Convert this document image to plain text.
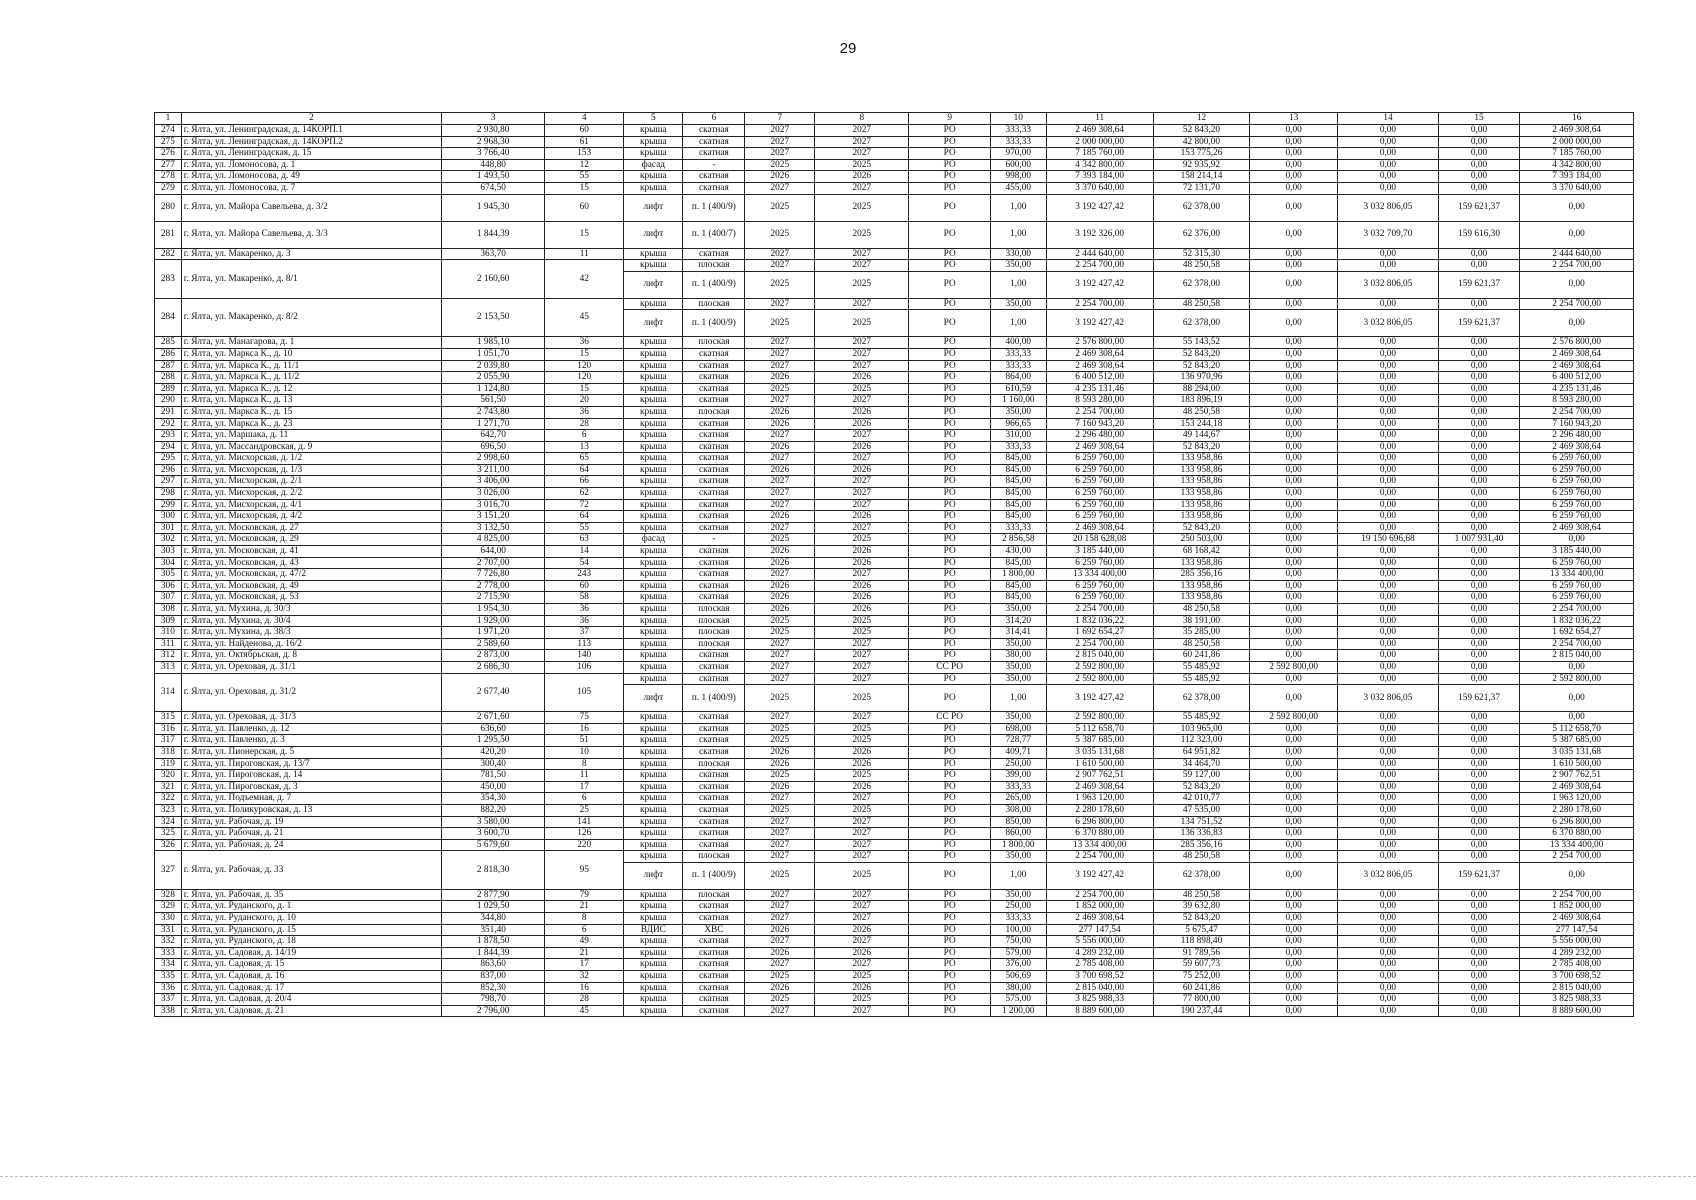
29
1	2	3	4	5	6	7	8	9	10	11	12	13	14	15	16
274	г. Ялта, ул. Ленинградская, д. 14КОРП.1	2 930,80	60	крыша	скатная	2027	2027	РО	333,33	2 469 308,64	52 843,20	0,00	0,00	0,00	2 469 308,64
275	г. Ялта, ул. Ленинградская, д. 14КОРП.2	2 968,30	61	крыша	скатная	2027	2027	РО	333,33	2 000 000,00	42 800,00	0,00	0,00	0,00	2 000 000,00
276	г. Ялта, ул. Ленинградская, д. 15	3 766,40	153	крыша	скатная	2027	2027	РО	970,00	7 185 760,00	153 775,26	0,00	0,00	0,00	7 185 760,00
277	г. Ялта, ул. Ломоносова, д. 1	448,80	12	фасад	-	2025	2025	РО	600,00	4 342 800,00	92 935,92	0,00	0,00	0,00	4 342 800,00
278	г. Ялта, ул. Ломоносова, д. 49	1 493,50	55	крыша	скатная	2026	2026	РО	998,00	7 393 184,00	158 214,14	0,00	0,00	0,00	7 393 184,00
279	г. Ялта, ул. Ломоносова, д. 7	674,50	15	крыша	скатная	2027	2027	РО	455,00	3 370 640,00	72 131,70	0,00	0,00	0,00	3 370 640,00
280	г. Ялта, ул. Майора Савельева, д. 3/2	1 945,30	60	лифт	п. 1 (400/9)	2025	2025	РО	1,00	3 192 427,42	62 378,00	0,00	3 032 806,05	159 621,37	0,00
281	г. Ялта, ул. Майора Савельева, д. 3/3	1 844,39	15	лифт	п. 1 (400/7)	2025	2025	РО	1,00	3 192 326,00	62 376,00	0,00	3 032 709,70	159 616,30	0,00
282	г. Ялта, ул. Макаренко, д. 3	363,70	11	крыша	скатная	2027	2027	РО	330,00	2 444 640,00	52 315,30	0,00	0,00	0,00	2 444 640,00
283	г. Ялта, ул. Макаренко, д. 8/1	2 160,60	42	крыша	плоская	2027	2027	РО	350,00	2 254 700,00	48 250,58	0,00	0,00	0,00	2 254 700,00
				лифт	п. 1 (400/9)	2025	2025	РО	1,00	3 192 427,42	62 378,00	0,00	3 032 806,05	159 621,37	0,00
284	г. Ялта, ул. Макаренко, д. 8/2	2 153,50	45	крыша	плоская	2027	2027	РО	350,00	2 254 700,00	48 250,58	0,00	0,00	0,00	2 254 700,00
				лифт	п. 1 (400/9)	2025	2025	РО	1,00	3 192 427,42	62 378,00	0,00	3 032 806,05	159 621,37	0,00
285	г. Ялта, ул. Манагарова, д. 1	1 985,10	36	крыша	плоская	2027	2027	РО	400,00	2 576 800,00	55 143,52	0,00	0,00	0,00	2 576 800,00
286	г. Ялта, ул. Маркса К., д. 10	1 051,70	15	крыша	скатная	2027	2027	РО	333,33	2 469 308,64	52 843,20	0,00	0,00	0,00	2 469 308,64
287	г. Ялта, ул. Маркса К., д. 11/1	2 039,80	120	крыша	скатная	2027	2027	РО	333,33	2 469 308,64	52 843,20	0,00	0,00	0,00	2 469 308,64
288	г. Ялта, ул. Маркса К., д. 11/2	2 055,90	120	крыша	скатная	2026	2026	РО	864,00	6 400 512,00	136 970,96	0,00	0,00	0,00	6 400 512,00
289	г. Ялта, ул. Маркса К., д. 12	1 124,80	15	крыша	скатная	2025	2025	РО	610,59	4 235 131,46	88 294,00	0,00	0,00	0,00	4 235 131,46
290	г. Ялта, ул. Маркса К., д. 13	561,50	20	крыша	скатная	2027	2027	РО	1 160,00	8 593 280,00	183 896,19	0,00	0,00	0,00	8 593 280,00
291	г. Ялта, ул. Маркса К., д. 15	2 743,80	36	крыша	плоская	2026	2026	РО	350,00	2 254 700,00	48 250,58	0,00	0,00	0,00	2 254 700,00
292	г. Ялта, ул. Маркса К., д. 23	1 271,70	28	крыша	скатная	2026	2026	РО	966,65	7 160 943,20	153 244,18	0,00	0,00	0,00	7 160 943,20
293	г. Ялта, ул. Маршака, д. 11	642,70	6	крыша	скатная	2027	2027	РО	310,00	2 296 480,00	49 144,67	0,00	0,00	0,00	2 296 480,00
294	г. Ялта, ул. Массандровская, д. 9	696,50	13	крыша	скатная	2026	2026	РО	333,33	2 469 308,64	52 843,20	0,00	0,00	0,00	2 469 308,64
295	г. Ялта, ул. Мисхорская, д. 1/2	2 998,60	65	крыша	скатная	2027	2027	РО	845,00	6 259 760,00	133 958,86	0,00	0,00	0,00	6 259 760,00
296	г. Ялта, ул. Мисхорская, д. 1/3	3 211,00	64	крыша	скатная	2026	2026	РО	845,00	6 259 760,00	133 958,86	0,00	0,00	0,00	6 259 760,00
297	г. Ялта, ул. Мисхорская, д. 2/1	3 406,00	66	крыша	скатная	2027	2027	РО	845,00	6 259 760,00	133 958,86	0,00	0,00	0,00	6 259 760,00
298	г. Ялта, ул. Мисхорская, д. 2/2	3 026,00	62	крыша	скатная	2027	2027	РО	845,00	6 259 760,00	133 958,86	0,00	0,00	0,00	6 259 760,00
299	г. Ялта, ул. Мисхорская, д. 4/1	3 016,70	72	крыша	скатная	2027	2027	РО	845,00	6 259 760,00	133 958,86	0,00	0,00	0,00	6 259 760,00
300	г. Ялта, ул. Мисхорская, д. 4/2	3 151,20	64	крыша	скатная	2026	2026	РО	845,00	6 259 760,00	133 958,86	0,00	0,00	0,00	6 259 760,00
301	г. Ялта, ул. Московская, д. 27	3 132,50	55	крыша	скатная	2027	2027	РО	333,33	2 469 308,64	52 843,20	0,00	0,00	0,00	2 469 308,64
302	г. Ялта, ул. Московская, д. 29	4 825,00	63	фасад	-	2025	2025	РО	2 856,58	20 158 628,08	250 503,00	0,00	19 150 696,68	1 007 931,40	0,00
303	г. Ялта, ул. Московская, д. 41	644,00	14	крыша	скатная	2026	2026	РО	430,00	3 185 440,00	68 168,42	0,00	0,00	0,00	3 185 440,00
304	г. Ялта, ул. Московская, д. 43	2 707,00	54	крыша	скатная	2026	2026	РО	845,00	6 259 760,00	133 958,86	0,00	0,00	0,00	6 259 760,00
305	г. Ялта, ул. Московская, д. 47/2	7 726,80	243	крыша	скатная	2027	2027	РО	1 800,00	13 334 400,00	285 356,16	0,00	0,00	0,00	13 334 400,00
306	г. Ялта, ул. Московская, д. 49	2 778,00	60	крыша	скатная	2026	2026	РО	845,00	6 259 760,00	133 958,86	0,00	0,00	0,00	6 259 760,00
307	г. Ялта, ул. Московская, д. 53	2 715,90	58	крыша	скатная	2026	2026	РО	845,00	6 259 760,00	133 958,86	0,00	0,00	0,00	6 259 760,00
308	г. Ялта, ул. Мухина, д. 30/3	1 954,30	36	крыша	плоская	2026	2026	РО	350,00	2 254 700,00	48 250,58	0,00	0,00	0,00	2 254 700,00
309	г. Ялта, ул. Мухина, д. 30/4	1 929,00	36	крыша	плоская	2025	2025	РО	314,20	1 832 036,22	38 191,00	0,00	0,00	0,00	1 832 036,22
310	г. Ялта, ул. Мухина, д. 38/3	1 971,20	37	крыша	плоская	2025	2025	РО	314,41	1 692 654,27	35 285,00	0,00	0,00	0,00	1 692 654,27
311	г. Ялта, ул. Найденова, д. 16/2	2 589,60	113	крыша	плоская	2027	2027	РО	350,00	2 254 700,00	48 250,58	0,00	0,00	0,00	2 254 700,00
312	г. Ялта, ул. Октябрьская, д. 8	2 873,00	140	крыша	скатная	2027	2027	РО	380,00	2 815 040,00	60 241,86	0,00	0,00	0,00	2 815 040,00
313	г. Ялта, ул. Ореховая, д. 31/1	2 686,30	106	крыша	скатная	2027	2027	СС РО	350,00	2 592 800,00	55 485,92	2 592 800,00	0,00	0,00	0,00
314	г. Ялта, ул. Ореховая, д. 31/2	2 677,40	105	крыша	скатная	2027	2027	РО	350,00	2 592 800,00	55 485,92	0,00	0,00	0,00	2 592 800,00
				лифт	п. 1 (400/9)	2025	2025	РО	1,00	3 192 427,42	62 378,00	0,00	3 032 806,05	159 621,37	0,00
315	г. Ялта, ул. Ореховая, д. 31/3	2 671,60	75	крыша	скатная	2027	2027	СС РО	350,00	2 592 800,00	55 485,92	2 592 800,00	0,00	0,00	0,00
316	г. Ялта, ул. Павленко, д. 12	636,60	16	крыша	скатная	2025	2025	РО	698,00	5 112 658,70	103 965,00	0,00	0,00	0,00	5 112 658,70
317	г. Ялта, ул. Павленко, д. 3	1 295,50	51	крыша	скатная	2025	2025	РО	728,77	5 387 685,00	112 323,00	0,00	0,00	0,00	5 387 685,00
318	г. Ялта, ул. Пионерская, д. 5	420,20	10	крыша	скатная	2026	2026	РО	409,71	3 035 131,68	64 951,82	0,00	0,00	0,00	3 035 131,68
319	г. Ялта, ул. Пироговская, д. 13/7	300,40	8	крыша	плоская	2026	2026	РО	250,00	1 610 500,00	34 464,70	0,00	0,00	0,00	1 610 500,00
320	г. Ялта, ул. Пироговская, д. 14	781,50	11	крыша	скатная	2025	2025	РО	399,00	2 907 762,51	59 127,00	0,00	0,00	0,00	2 907 762,51
321	г. Ялта, ул. Пироговская, д. 3	450,00	17	крыша	скатная	2026	2026	РО	333,33	2 469 308,64	52 843,20	0,00	0,00	0,00	2 469 308,64
322	г. Ялта, ул. Подъемная, д. 7	354,30	6	крыша	скатная	2027	2027	РО	265,00	1 963 120,00	42 010,77	0,00	0,00	0,00	1 963 120,00
323	г. Ялта, ул. Поликуровская, д. 13	882,20	25	крыша	скатная	2025	2025	РО	308,00	2 280 178,60	47 535,00	0,00	0,00	0,00	2 280 178,60
324	г. Ялта, ул. Рабочая, д. 19	3 580,00	141	крыша	скатная	2027	2027	РО	850,00	6 296 800,00	134 751,52	0,00	0,00	0,00	6 296 800,00
325	г. Ялта, ул. Рабочая, д. 21	3 600,70	126	крыша	скатная	2027	2027	РО	860,00	6 370 880,00	136 336,83	0,00	0,00	0,00	6 370 880,00
326	г. Ялта, ул. Рабочая, д. 24	5 679,60	220	крыша	скатная	2027	2027	РО	1 800,00	13 334 400,00	285 356,16	0,00	0,00	0,00	13 334 400,00
327	г. Ялта, ул. Рабочая, д. 33	2 818,30	95	крыша	плоская	2027	2027	РО	350,00	2 254 700,00	48 250,58	0,00	0,00	0,00	2 254 700,00
				лифт	п. 1 (400/9)	2025	2025	РО	1,00	3 192 427,42	62 378,00	0,00	3 032 806,05	159 621,37	0,00
328	г. Ялта, ул. Рабочая, д. 35	2 877,90	79	крыша	плоская	2027	2027	РО	350,00	2 254 700,00	48 250,58	0,00	0,00	0,00	2 254 700,00
329	г. Ялта, ул. Руданского, д. 1	1 029,50	21	крыша	скатная	2027	2027	РО	250,00	1 852 000,00	39 632,80	0,00	0,00	0,00	1 852 000,00
330	г. Ялта, ул. Руданского, д. 10	344,80	8	крыша	скатная	2027	2027	РО	333,33	2 469 308,64	52 843,20	0,00	0,00	0,00	2 469 308,64
331	г. Ялта, ул. Руданского, д. 15	351,40	6	ВДИС	ХВС	2026	2026	РО	100,00	277 147,54	5 675,47	0,00	0,00	0,00	277 147,54
332	г. Ялта, ул. Руданского, д. 18	1 878,50	49	крыша	скатная	2027	2027	РО	750,00	5 556 000,00	118 898,40	0,00	0,00	0,00	5 556 000,00
333	г. Ялта, ул. Садовая, д. 14/19	1 844,39	21	крыша	скатная	2026	2026	РО	579,00	4 289 232,00	91 789,56	0,00	0,00	0,00	4 289 232,00
334	г. Ялта, ул. Садовая, д. 15	863,60	17	крыша	скатная	2027	2027	РО	376,00	2 785 408,00	59 607,73	0,00	0,00	0,00	2 785 408,00
335	г. Ялта, ул. Садовая, д. 16	837,00	32	крыша	скатная	2025	2025	РО	506,69	3 700 698,52	75 252,00	0,00	0,00	0,00	3 700 698,52
336	г. Ялта, ул. Садовая, д. 17	852,30	16	крыша	скатная	2026	2026	РО	380,00	2 815 040,00	60 241,86	0,00	0,00	0,00	2 815 040,00
337	г. Ялта, ул. Садовая, д. 20/4	798,70	28	крыша	скатная	2025	2025	РО	575,00	3 825 988,33	77 800,00	0,00	0,00	0,00	3 825 988,33
338	г. Ялта, ул. Садовая, д. 21	2 796,00	45	крыша	скатная	2027	2027	РО	1 200,00	8 889 600,00	190 237,44	0,00	0,00	0,00	8 889 600,00
